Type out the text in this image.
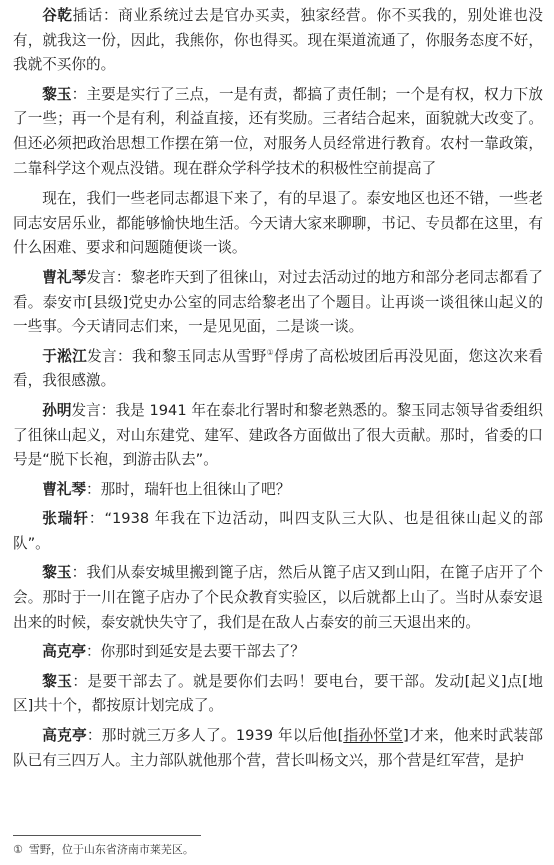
谷乾插话：商业系统过去是官办买卖，独家经营。你不买我的，别处谁也没有，就我这一份，因此，我熊你，你也得买。现在渠道流通了，你服务态度不好，我就不买你的。

黎玉：主要是实行了三点，一是有责，都搞了责任制；一个是有权，权力下放了一些；再一个是有利，利益直接，还有奖励。三者结合起来，面貌就大改变了。但还必须把政治思想工作摆在第一位，对服务人员经常进行教育。农村一靠政策，二靠科学这个观点没错。现在群众学科学技术的积极性空前提高了

现在，我们一些老同志都退下来了，有的早退了。泰安地区也还不错，一些老同志安居乐业，都能够愉快地生活。今天请大家来聊聊，书记、专员都在这里，有什么困难、要求和问题随便谈一谈。

曹礼琴发言：黎老昨天到了徂徕山，对过去活动过的地方和部分老同志都看了看。泰安市[县级]党史办公室的同志给黎老出了个题目。让再谈一谈徂徕山起义的一些事。今天请同志们来，一是见见面，二是谈一谈。

于淞江发言：我和黎玉同志从雪野①俘虏了高松坡团后再没见面，您这次来看看，我很感激。

孙明发言：我是 1941 年在泰北行署时和黎老熟悉的。黎玉同志领导省委组织了徂徕山起义，对山东建党、建军、建政各方面做出了很大贡献。那时，省委的口号是“脱下长袍，到游击队去”。

曹礼琴：那时，瑞轩也上徂徕山了吧？

张瑞轩：“1938 年我在下边活动，叫四支队三大队、也是徂徕山起义的部队”。

黎玉：我们从泰安城里搬到篦子店，然后从篦子店又到山阳，在篦子店开了个会。那时于一川在篦子店办了个民众教育实验区，以后就都上山了。当时从泰安退出来的时候，泰安就快失守了，我们是在敌人占泰安的前三天退出来的。

高克亭：你那时到延安是去要干部去了？

黎玉：是要干部去了。就是要你们去吗！要电台，要干部。发动[起义]点[地区]共十个，都按原计划完成了。

高克亭：那时就三万多人了。1939 年以后他[指孙怀堂]才来，他来时武装部队已有三四万人。主力部队就他那个营，营长叫杨文兴，那个营是红军营，是护

① 雪野，位于山东省济南市莱芜区。
